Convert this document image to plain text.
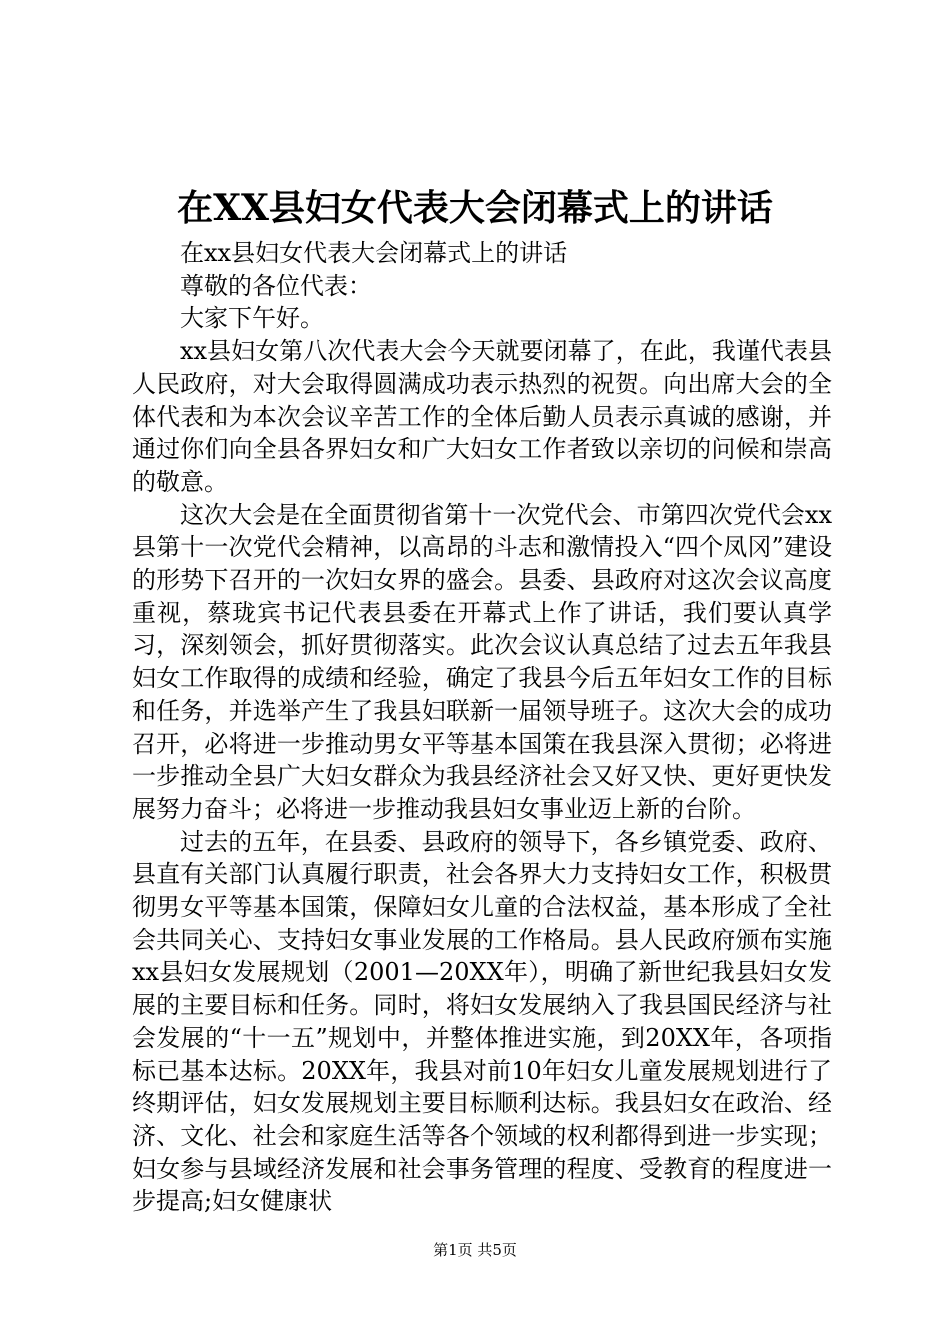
在XX县妇女代表大会闭幕式上的讲话

在xx县妇女代表大会闭幕式上的讲话

尊敬的各位代表：

大家下午好。

xx县妇女第八次代表大会今天就要闭幕了，在此，我谨代表县人民政府，对大会取得圆满成功表示热烈的祝贺。向出席大会的全体代表和为本次会议辛苦工作的全体后勤人员表示真诚的感谢，并通过你们向全县各界妇女和广大妇女工作者致以亲切的问候和崇高的敬意。

这次大会是在全面贯彻省第十一次党代会、市第四次党代会xx县第十一次党代会精神，以高昂的斗志和激情投入“四个凤冈”建设的形势下召开的一次妇女界的盛会。县委、县政府对这次会议高度重视，蔡珑宾书记代表县委在开幕式上作了讲话，我们要认真学习，深刻领会，抓好贯彻落实。此次会议认真总结了过去五年我县妇女工作取得的成绩和经验，确定了我县今后五年妇女工作的目标和任务，并选举产生了我县妇联新一届领导班子。这次大会的成功召开，必将进一步推动男女平等基本国策在我县深入贯彻；必将进一步推动全县广大妇女群众为我县经济社会又好又快、更好更快发展努力奋斗；必将进一步推动我县妇女事业迈上新的台阶。

过去的五年，在县委、县政府的领导下，各乡镇党委、政府、县直有关部门认真履行职责，社会各界大力支持妇女工作，积极贯彻男女平等基本国策，保障妇女儿童的合法权益，基本形成了全社会共同关心、支持妇女事业发展的工作格局。县人民政府颁布实施xx县妇女发展规划（2001—20XX年），明确了新世纪我县妇女发展的主要目标和任务。同时，将妇女发展纳入了我县国民经济与社会发展的“十一五”规划中，并整体推进实施，到20XX年，各项指标已基本达标。20XX年，我县对前10年妇女儿童发展规划进行了终期评估，妇女发展规划主要目标顺利达标。我县妇女在政治、经济、文化、社会和家庭生活等各个领域的权利都得到进一步实现；妇女参与县域经济发展和社会事务管理的程度、受教育的程度进一步提高;妇女健康状

第1页 共5页
